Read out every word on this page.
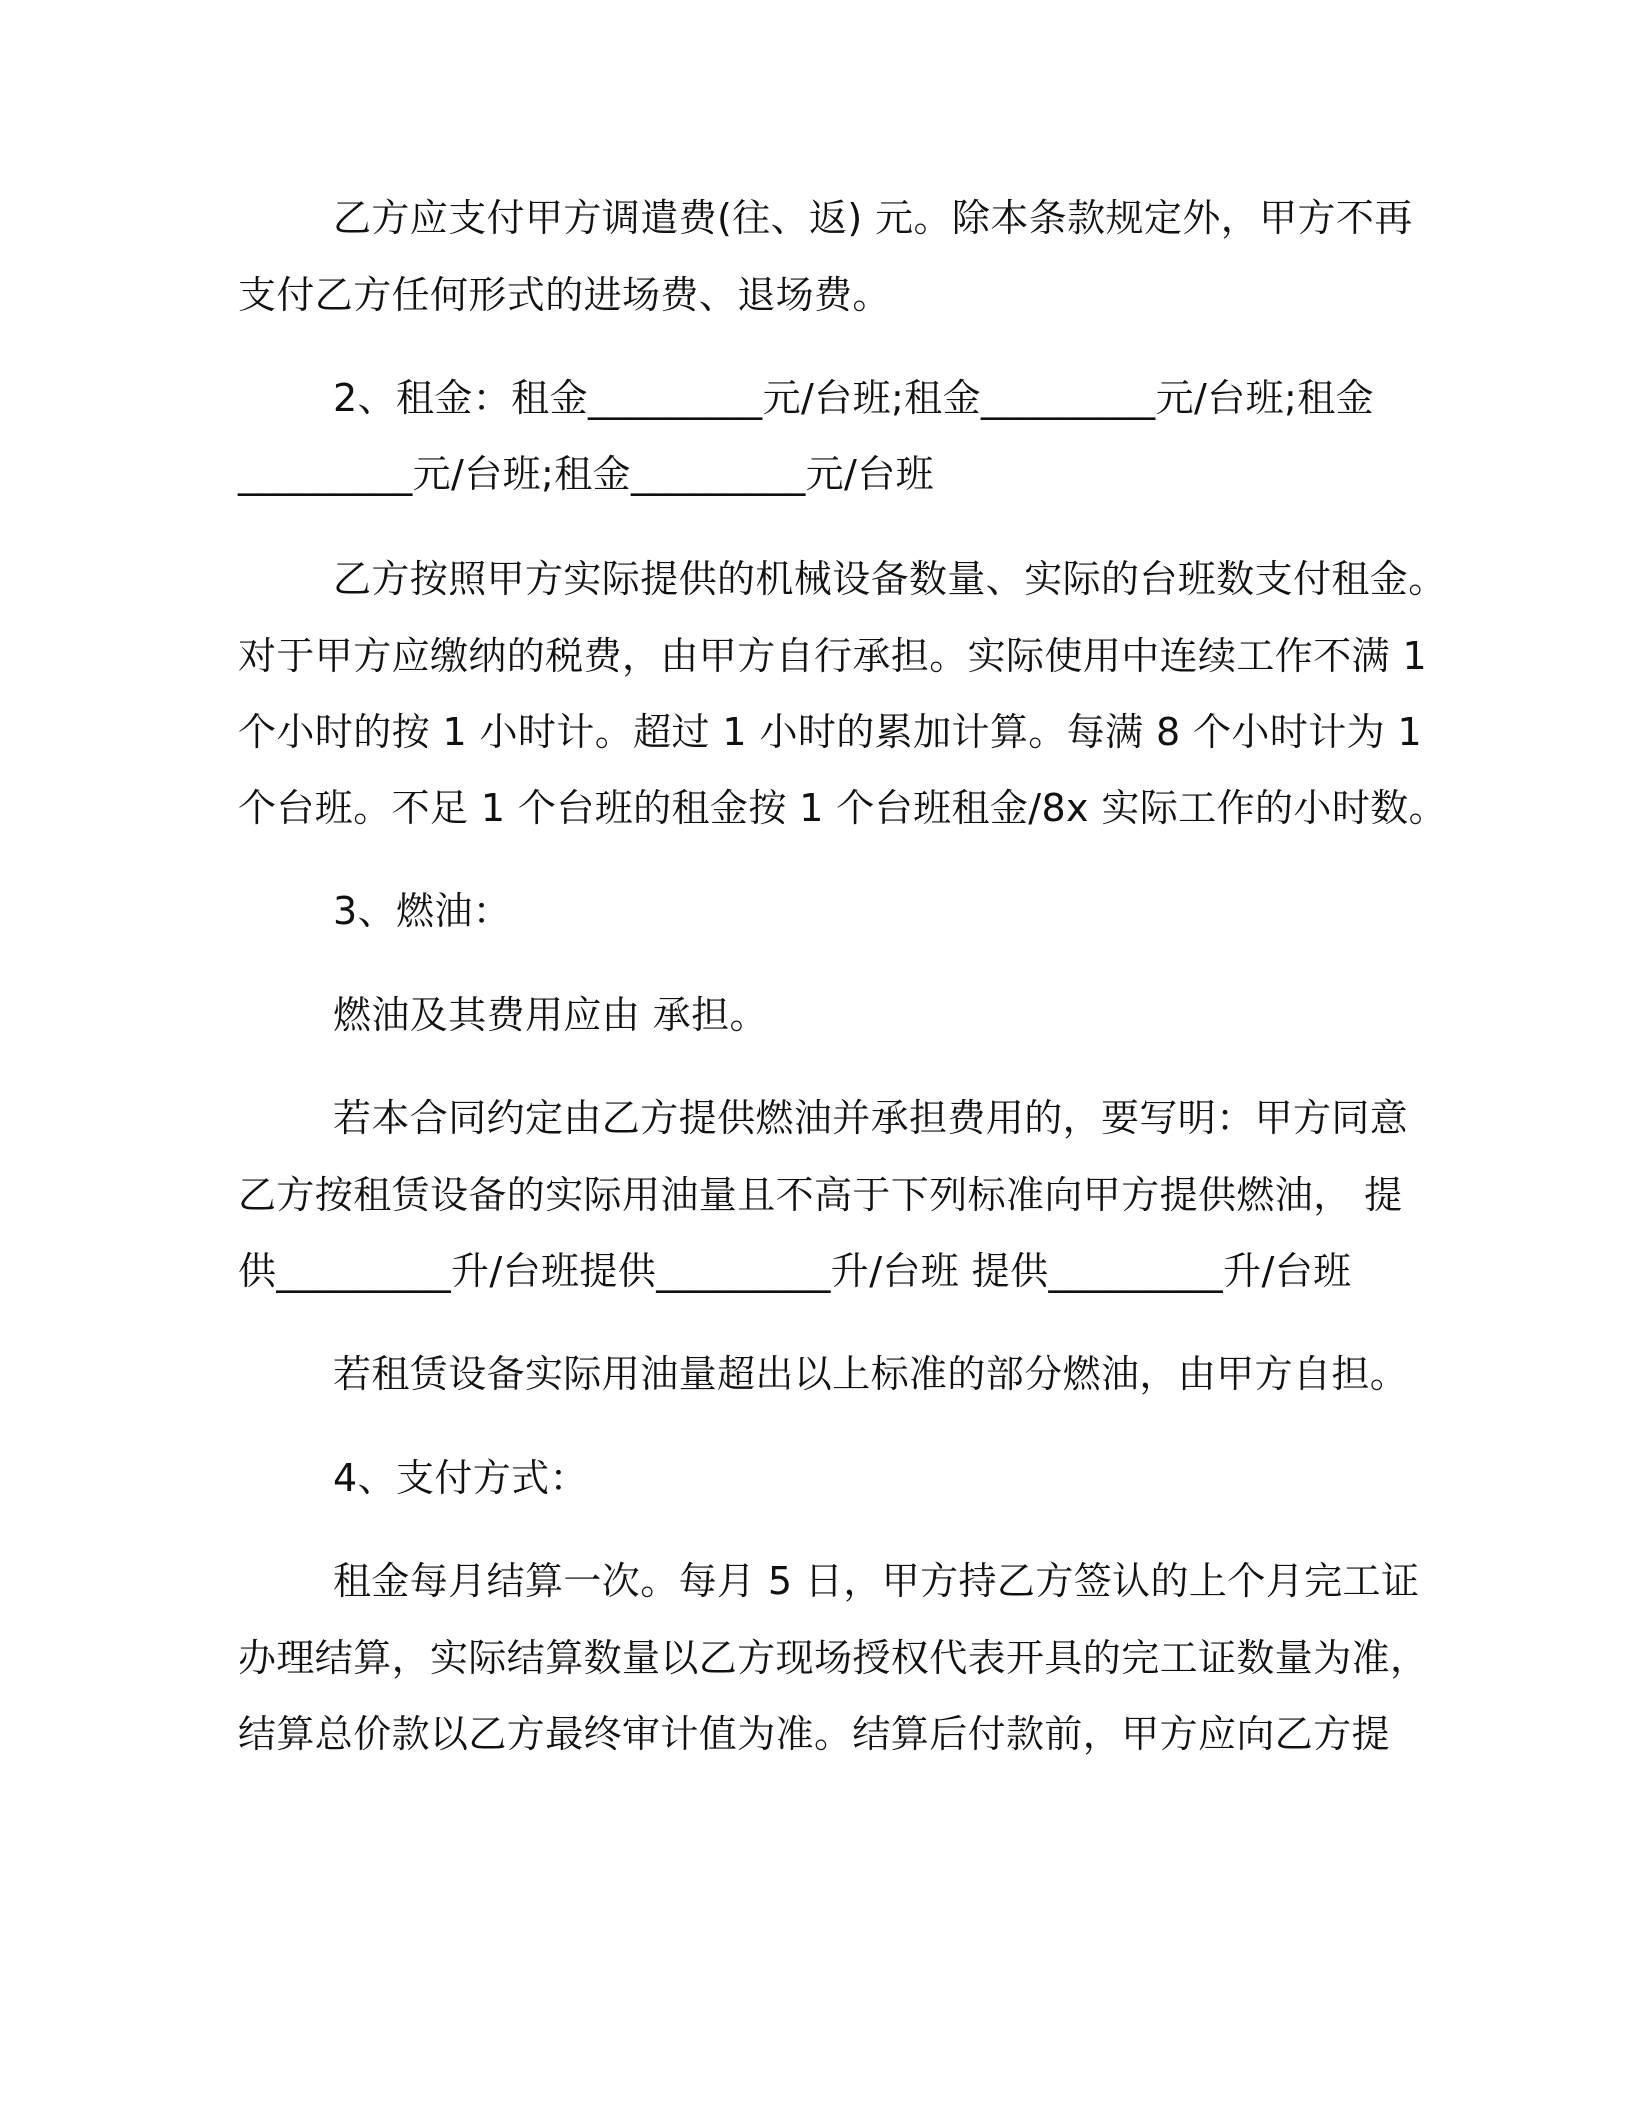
乙方应支付甲方调遣费(往、返) 元。除本条款规定外，甲方不再
支付乙方任何形式的进场费、退场费。
2、租金：租金_________元/台班;租金_________元/台班;租金
_________元/台班;租金_________元/台班
乙方按照甲方实际提供的机械设备数量、实际的台班数支付租金。
对于甲方应缴纳的税费，由甲方自行承担。实际使用中连续工作不满 1
个小时的按 1 小时计。超过 1 小时的累加计算。每满 8 个小时计为 1
个台班。不足 1 个台班的租金按 1 个台班租金/8x 实际工作的小时数。
3、燃油：
燃油及其费用应由 承担。
若本合同约定由乙方提供燃油并承担费用的，要写明：甲方同意
乙方按租赁设备的实际用油量且不高于下列标准向甲方提供燃油， 提
供_________升/台班提供_________升/台班 提供_________升/台班
若租赁设备实际用油量超出以上标准的部分燃油，由甲方自担。
4、支付方式：
租金每月结算一次。每月 5 日，甲方持乙方签认的上个月完工证
办理结算，实际结算数量以乙方现场授权代表开具的完工证数量为准，
结算总价款以乙方最终审计值为准。结算后付款前，甲方应向乙方提
